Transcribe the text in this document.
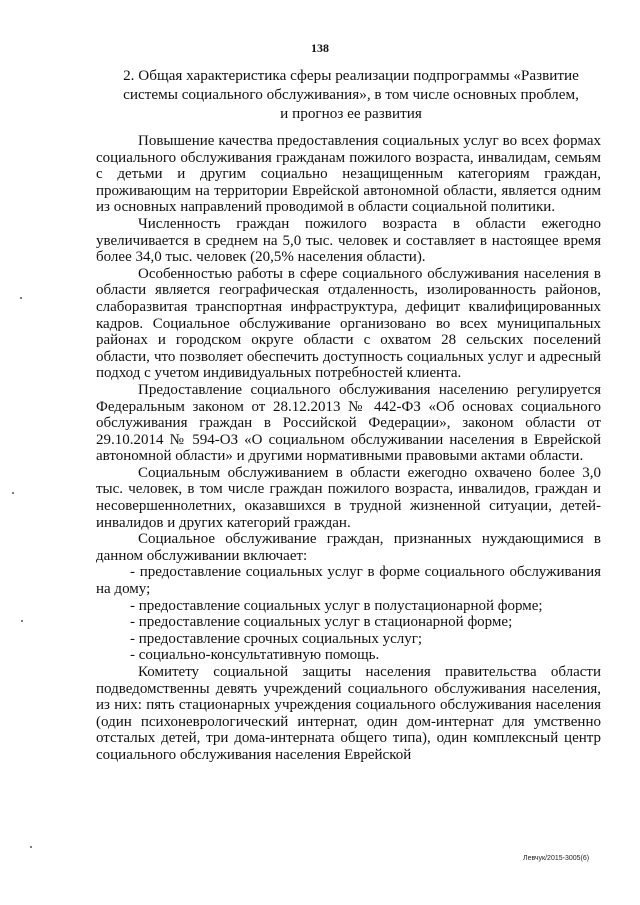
138
2. Общая характеристика сферы реализации подпрограммы «Развитие
системы социального обслуживания», в том числе основных проблем,
и прогноз ее развития

Повышение качества предоставления социальных услуг во всех формах социального обслуживания гражданам пожилого возраста, инвалидам, семьям с детьми и другим социально незащищенным категориям граждан, проживающим на территории Еврейской автономной области, является одним из основных направлений проводимой в области социальной политики.

Численность граждан пожилого возраста в области ежегодно увеличивается в среднем на 5,0 тыс. человек и составляет в настоящее время более 34,0 тыс. человек (20,5% населения области).

Особенностью работы в сфере социального обслуживания населения в области является географическая отдаленность, изолированность районов, слаборазвитая транспортная инфраструктура, дефицит квалифицированных кадров. Социальное обслуживание организовано во всех муниципальных районах и городском округе области с охватом 28 сельских поселений области, что позволяет обеспечить доступность социальных услуг и адресный подход с учетом индивидуальных потребностей клиента.

Предоставление социального обслуживания населению регулируется Федеральным законом от 28.12.2013 № 442-ФЗ «Об основах социального обслуживания граждан в Российской Федерации», законом области от 29.10.2014 № 594-ОЗ «О социальном обслуживании населения в Еврейской автономной области» и другими нормативными правовыми актами области.

Социальным обслуживанием в области ежегодно охвачено более 3,0 тыс. человек, в том числе граждан пожилого возраста, инвалидов, граждан и несовершеннолетних, оказавшихся в трудной жизненной ситуации, детей-инвалидов и других категорий граждан.

Социальное обслуживание граждан, признанных нуждающимися в данном обслуживании включает:

- предоставление социальных услуг в форме социального обслуживания на дому;

- предоставление социальных услуг в полустационарной форме;

- предоставление социальных услуг в стационарной форме;

- предоставление срочных социальных услуг;

- социально-консультативную помощь.

Комитету социальной защиты населения правительства области подведомственны девять учреждений социального обслуживания населения, из них: пять стационарных учреждения социального обслуживания населения (один психоневрологический интернат, один дом-интернат для умственно отсталых детей, три дома-интерната общего типа), один комплексный центр социального обслуживания населения Еврейской

Левчук/2015-3005(6)
